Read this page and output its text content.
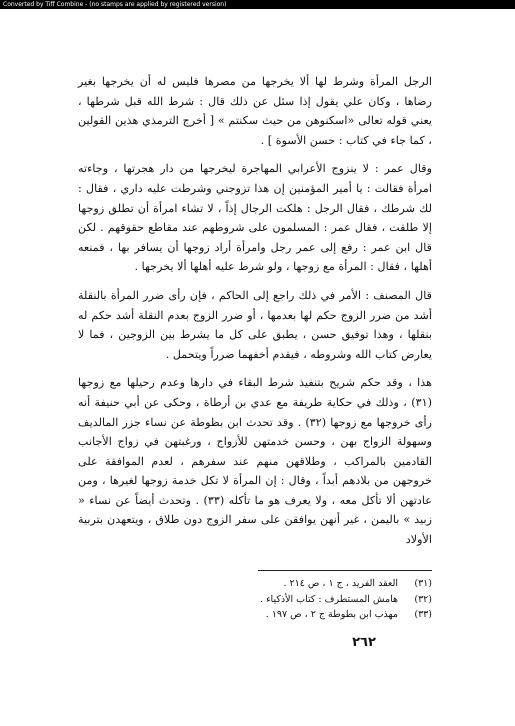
Converted by Tiff Combine - (no stamps are applied by registered version)

الرجل المرأة وشرط لها ألا يخرجها من مصرها فليس له أن يخرجها بغير رضاها ، وكان علي يقول إذا سئل عن ذلك قال : شرط الله قبل شرطها ، يعني قوله تعالى «اسكنوهن من حيث سكنتم » [ أخرج الترمذي هذين القولين ، كما جاء في كتاب : حسن الأسوة ] .

وقال عمر : لا ينزوج الأعرابي المهاجرة ليخرجها من دار هجرتها ، وجاءته امرأة فقالت : يا أمير المؤمنين إن هذا تزوجني وشرطت عليه داري ، فقال : لك شرطك ، فقال الرجل : هلكت الرجال إذاً ، لا تشاء امرأة أن تطلق زوجها إلا طلقت ، فقال عمر : المسلمون على شروطهم عند مقاطع حقوقهم . لكن قال ابن عمر : رفع إلى عمر رجل وامرأة أراد زوجها أن يسافر بها ، فمنعه أهلها ، فقال : المرأة مع زوجها ، ولو شرط عليه أهلها ألا يخرجها .

قال المصنف : الأمر في ذلك راجع إلى الحاكم ، فإن رأى ضرر المرأة بالنقلة أشد من ضرر الزوج حكم لها بعدمها ، أو ضرر الزوج بعدم النقلة أشد حكم له بنقلها ، وهذا توفيق حسن ، يطبق على كل ما يشرط بين الزوجين ، فما لا يعارض كتاب الله وشروطه ، فيقدم أخفهما ضرراً ويتحمل .

هذا ، وقد حكم شريح بتنفيذ شرط البقاء في دارها وعدم رحيلها مع زوجها (٣١) ، وذلك في حكاية طريفة مع عدي بن أرطاة ، وحكى عن أبي حنيفة أنه رأى خروجها مع زوجها (٣٢) . وقد تحدث ابن بطوطة عن نساء جزر المالديف وسهولة الزواج بهن ، وحسن خدمتهن للأزواج ، ورغبتهن في زواج الأجانب القادمين بالمراكب ، وطلاقهن منهم عند سفرهم ، لعدم الموافقة على خروجهن من بلادهم أبداً ، وقال : إن المرأة لا تكل خدمة زوجها لغيرها ، ومن عادتهن ألا تأكل معه ، ولا يعرف هو ما تأكله (٣٣) . وتحدث أيضاً عن نساء « زبيد » باليمن ، غير أنهن يوافقن على سفر الزوج دون طلاق ، ويتعهدن بتربية الأولاد

(٣١)
العقد الفريد ، ج ١ ، ص ٢١٤ .
(٣٢)
هامش المستطرف : كتاب الأذكياء .
(٣٣)
مهذب ابن بطوطة ج ٢ ، ص ١٩٧ .
٢٦٢
